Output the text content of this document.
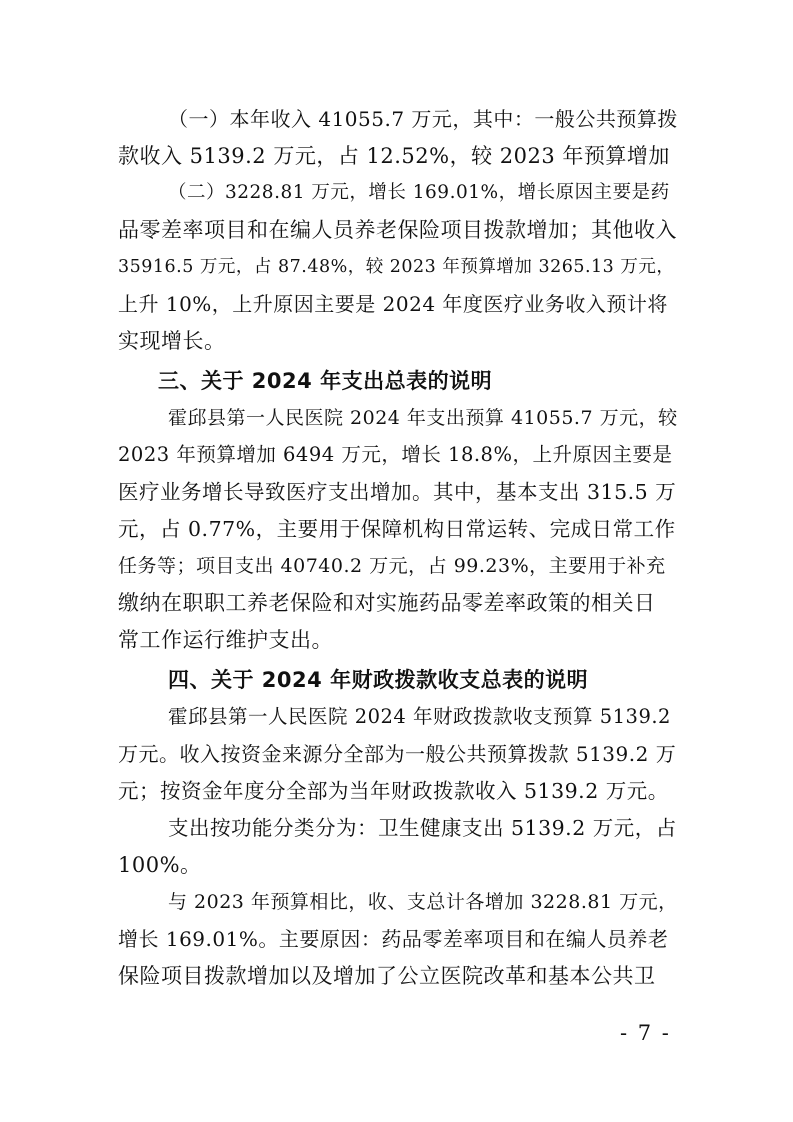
（一）本年收入 41055.7 万元，其中：一般公共预算拨
款收入 5139.2 万元，占 12.52%，较 2023 年预算增加
（二）3228.81 万元，增长 169.01%，增长原因主要是药
品零差率项目和在编人员养老保险项目拨款增加；其他收入
35916.5 万元，占 87.48%，较 2023 年预算增加 3265.13 万元，
上升 10%，上升原因主要是 2024 年度医疗业务收入预计将
实现增长。
三、关于 2024 年支出总表的说明
霍邱县第一人民医院 2024 年支出预算 41055.7 万元，较
2023 年预算增加 6494 万元，增长 18.8%，上升原因主要是
医疗业务增长导致医疗支出增加。其中，基本支出 315.5 万
元，占 0.77%，主要用于保障机构日常运转、完成日常工作
任务等；项目支出 40740.2 万元，占 99.23%，主要用于补充
缴纳在职职工养老保险和对实施药品零差率政策的相关日
常工作运行维护支出。
四、关于 2024 年财政拨款收支总表的说明
霍邱县第一人民医院 2024 年财政拨款收支预算 5139.2
万元。收入按资金来源分全部为一般公共预算拨款 5139.2 万
元；按资金年度分全部为当年财政拨款收入 5139.2 万元。
支出按功能分类分为：卫生健康支出 5139.2 万元，占
100%。
与 2023 年预算相比，收、支总计各增加 3228.81 万元，
增长 169.01%。主要原因：药品零差率项目和在编人员养老
保险项目拨款增加以及增加了公立医院改革和基本公共卫
- 7 -
